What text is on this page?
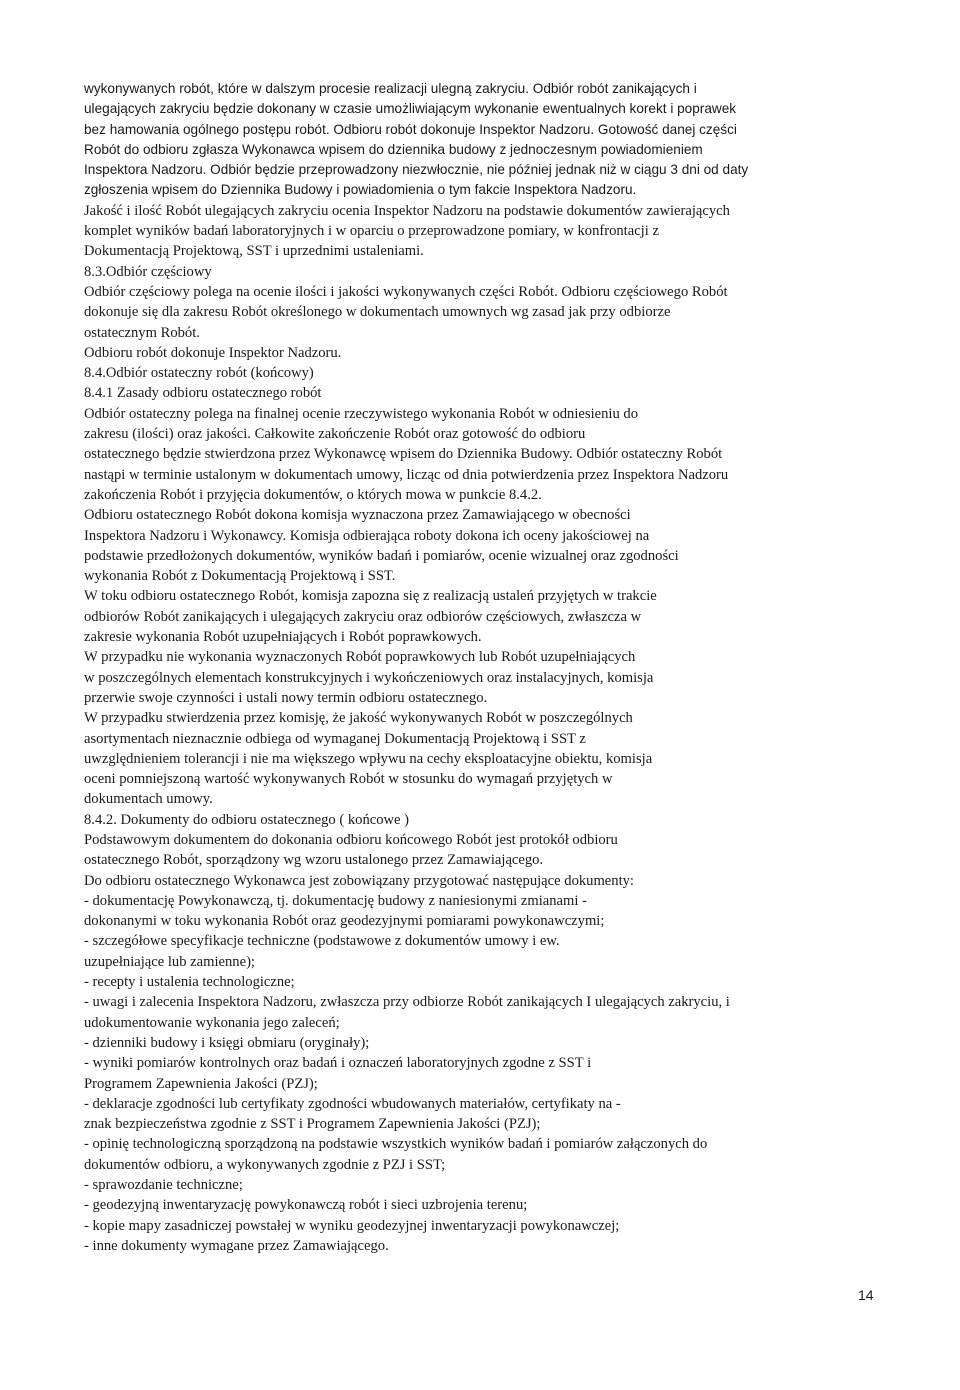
wykonywanych robót, które w dalszym procesie realizacji ulegną zakryciu. Odbiór robót zanikających i
ulegających zakryciu będzie dokonany w czasie umożliwiającym wykonanie ewentualnych korekt i poprawek
bez hamowania ogólnego postępu robót. Odbioru robót dokonuje Inspektor Nadzoru. Gotowość danej części
Robót do odbioru zgłasza Wykonawca wpisem do dziennika budowy z jednoczesnym powiadomieniem
Inspektora Nadzoru. Odbiór będzie przeprowadzony niezwłocznie, nie później jednak niż w ciągu 3 dni od daty
zgłoszenia wpisem do Dziennika Budowy i powiadomienia o tym fakcie Inspektora Nadzoru.
Jakość i ilość Robót ulegających zakryciu ocenia Inspektor Nadzoru na podstawie dokumentów zawierających
komplet wyników badań laboratoryjnych i w oparciu o przeprowadzone pomiary, w konfrontacji z
Dokumentacją Projektową, SST i uprzednimi ustaleniami.
8.3.Odbiór częściowy
Odbiór częściowy polega na ocenie ilości i jakości wykonywanych części Robót. Odbioru częściowego Robót
dokonuje się dla zakresu Robót określonego w dokumentach umownych wg zasad jak przy odbiorze
ostatecznym Robót.
Odbioru robót dokonuje Inspektor Nadzoru.
8.4.Odbiór ostateczny robót (końcowy)
8.4.1 Zasady odbioru ostatecznego robót
Odbiór ostateczny polega na finalnej ocenie rzeczywistego wykonania Robót w odniesieniu do
zakresu (ilości) oraz jakości. Całkowite zakończenie Robót oraz gotowość do odbioru
ostatecznego będzie stwierdzona przez Wykonawcę wpisem do Dziennika Budowy. Odbiór ostateczny Robót
nastąpi w terminie ustalonym w dokumentach umowy, licząc od dnia potwierdzenia przez Inspektora Nadzoru
zakończenia Robót i przyjęcia dokumentów, o których mowa w punkcie 8.4.2.
Odbioru ostatecznego Robót dokona komisja wyznaczona przez Zamawiającego w obecności
Inspektora Nadzoru i Wykonawcy. Komisja odbierająca roboty dokona ich oceny jakościowej na
podstawie przedłożonych dokumentów, wyników badań i pomiarów, ocenie wizualnej oraz zgodności
wykonania Robót z Dokumentacją Projektową i SST.
W toku odbioru ostatecznego Robót, komisja zapozna się z realizacją ustaleń przyjętych w trakcie
odbiorów Robót zanikających i ulegających zakryciu oraz odbiorów częściowych, zwłaszcza w
zakresie wykonania Robót uzupełniających i Robót poprawkowych.
W przypadku nie wykonania wyznaczonych Robót poprawkowych lub Robót uzupełniających
w poszczególnych elementach konstrukcyjnych i wykończeniowych oraz instalacyjnych, komisja
przerwie swoje czynności i ustali nowy termin odbioru ostatecznego.
W przypadku stwierdzenia przez komisję, że jakość wykonywanych Robót w poszczególnych
asortymentach nieznacznie odbiega od wymaganej Dokumentacją Projektową i SST z
uwzględnieniem tolerancji i nie ma większego wpływu na cechy eksploatacyjne obiektu, komisja
oceni pomniejszoną wartość wykonywanych Robót w stosunku do wymagań przyjętych w
dokumentach umowy.
8.4.2. Dokumenty do odbioru ostatecznego ( końcowe )
Podstawowym dokumentem do dokonania odbioru końcowego Robót jest protokół odbioru
ostatecznego Robót, sporządzony wg wzoru ustalonego przez Zamawiającego.
Do odbioru ostatecznego Wykonawca jest zobowiązany przygotować następujące dokumenty:
- dokumentację Powykonawczą, tj. dokumentację budowy z naniesionymi zmianami -
dokonanymi w toku wykonania Robót oraz geodezyjnymi pomiarami powykonawczymi;
- szczegółowe specyfikacje techniczne (podstawowe z dokumentów umowy i ew.
uzupełniające lub zamienne);
- recepty i ustalenia technologiczne;
- uwagi i zalecenia Inspektora Nadzoru, zwłaszcza przy odbiorze Robót zanikających I ulegających zakryciu, i
udokumentowanie wykonania jego zaleceń;
- dzienniki budowy i księgi obmiaru (oryginały);
- wyniki pomiarów kontrolnych oraz badań i oznaczeń laboratoryjnych zgodne z SST i
Programem Zapewnienia Jakości (PZJ);
- deklaracje zgodności lub certyfikaty zgodności wbudowanych materiałów, certyfikaty na -
znak bezpieczeństwa zgodnie z SST i Programem Zapewnienia Jakości (PZJ);
- opinię technologiczną sporządzoną na podstawie wszystkich wyników badań i pomiarów załączonych do
dokumentów odbioru, a wykonywanych zgodnie z PZJ i SST;
- sprawozdanie techniczne;
- geodezyjną inwentaryzację powykonawczą robót i sieci uzbrojenia terenu;
- kopie mapy zasadniczej powstałej w wyniku geodezyjnej inwentaryzacji powykonawczej;
- inne dokumenty wymagane przez Zamawiającego.
14
